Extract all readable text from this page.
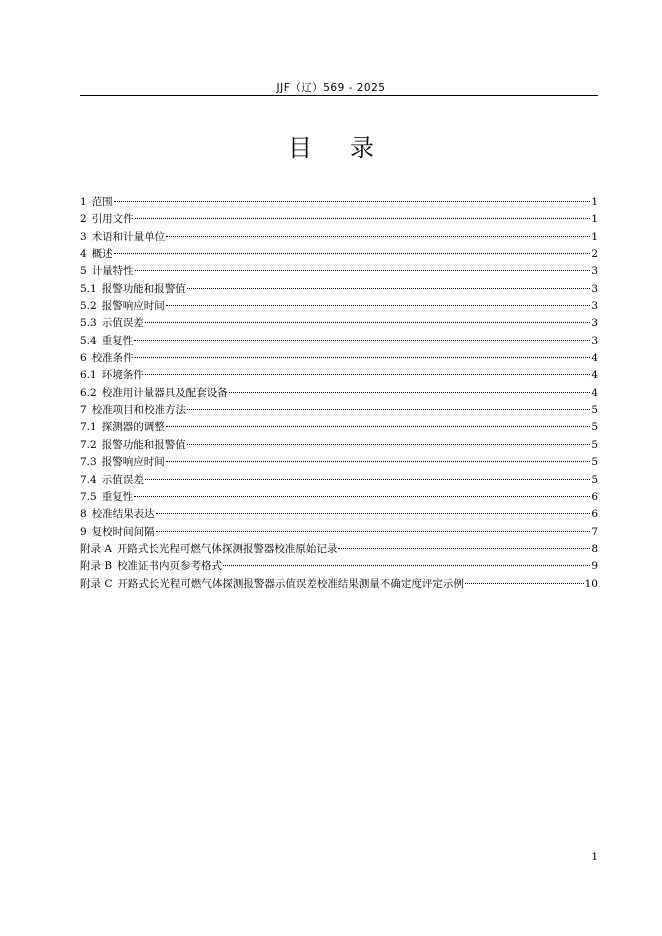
JJF（辽）569 - 2025
目录
1 范围	1
2 引用文件	1
3 术语和计量单位	1
4 概述	2
5 计量特性	3
5.1 报警功能和报警值	3
5.2 报警响应时间	3
5.3 示值误差	3
5.4 重复性	3
6 校准条件	4
6.1 环境条件	4
6.2 校准用计量器具及配套设备	4
7 校准项目和校准方法	5
7.1 探测器的调整	5
7.2 报警功能和报警值	5
7.3 报警响应时间	5
7.4 示值误差	5
7.5 重复性	6
8 校准结果表达	6
9 复校时间间隔	7
附录 A 开路式长光程可燃气体探测报警器校准原始记录	8
附录 B 校准证书内页参考格式	9
附录 C 开路式长光程可燃气体探测报警器示值误差校准结果测量不确定度评定示例	10
1
